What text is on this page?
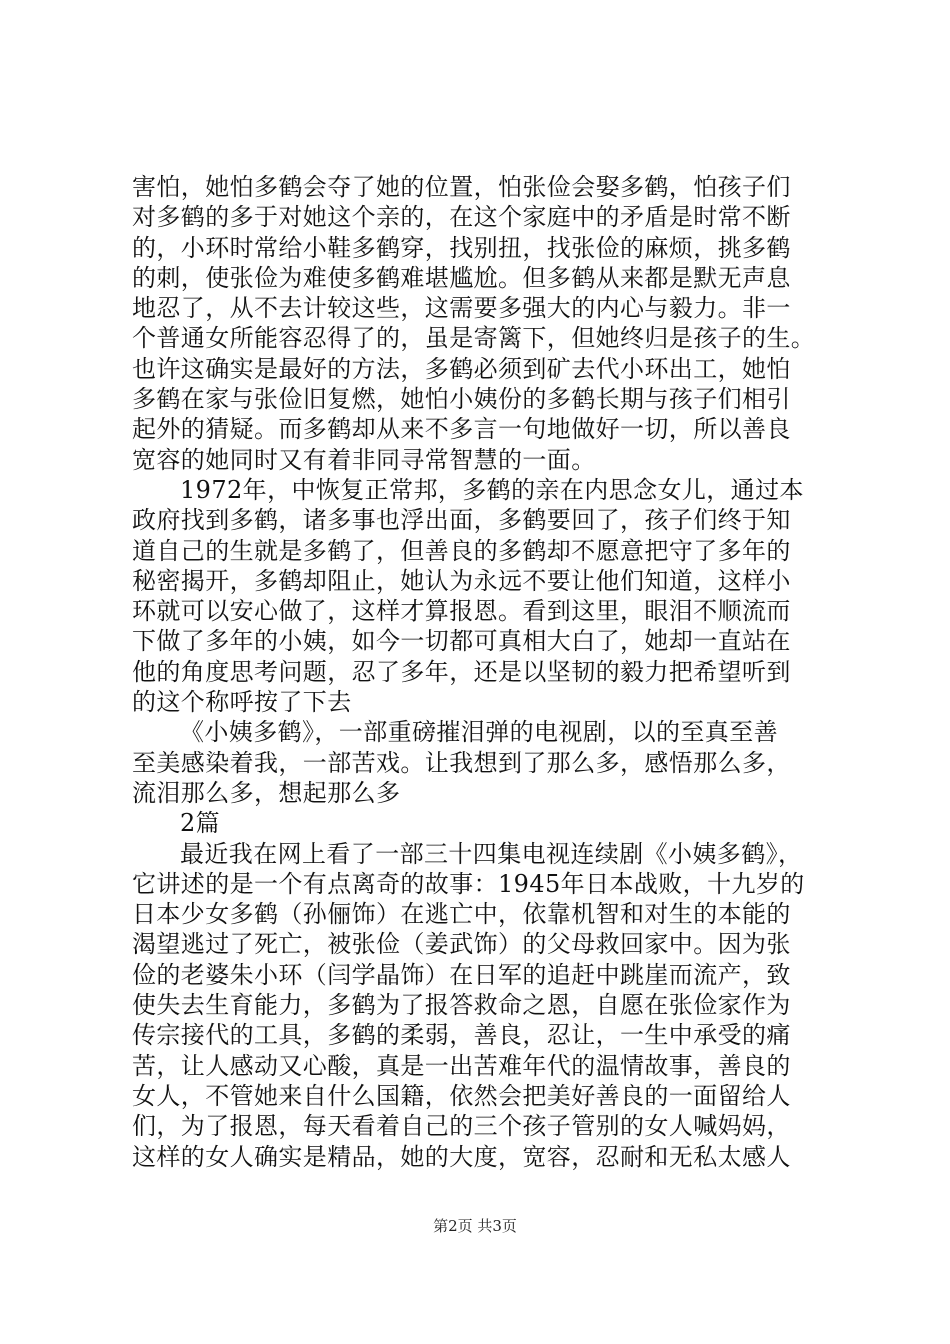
害怕，她怕多鹤会夺了她的位置，怕张俭会娶多鹤，怕孩子们
对多鹤的多于对她这个亲的，在这个家庭中的矛盾是时常不断
的，小环时常给小鞋多鹤穿，找别扭，找张俭的麻烦，挑多鹤
的刺，使张俭为难使多鹤难堪尴尬。但多鹤从来都是默无声息
地忍了，从不去计较这些，这需要多强大的内心与毅力。非一
个普通女所能容忍得了的，虽是寄篱下，但她终归是孩子的生。
也许这确实是最好的方法，多鹤必须到矿去代小环出工，她怕
多鹤在家与张俭旧复燃，她怕小姨份的多鹤长期与孩子们相引
起外的猜疑。而多鹤却从来不多言一句地做好一切，所以善良
宽容的她同时又有着非同寻常智慧的一面。
1972年，中恢复正常邦，多鹤的亲在内思念女儿，通过本
政府找到多鹤，诸多事也浮出面，多鹤要回了，孩子们终于知
道自己的生就是多鹤了，但善良的多鹤却不愿意把守了多年的
秘密揭开，多鹤却阻止，她认为永远不要让他们知道，这样小
环就可以安心做了，这样才算报恩。看到这里，眼泪不顺流而
下做了多年的小姨，如今一切都可真相大白了，她却一直站在
他的角度思考问题，忍了多年，还是以坚韧的毅力把希望听到
的这个称呼按了下去
《小姨多鹤》，一部重磅摧泪弹的电视剧，以的至真至善
至美感染着我，一部苦戏。让我想到了那么多，感悟那么多，
流泪那么多，想起那么多
2篇
最近我在网上看了一部三十四集电视连续剧《小姨多鹤》，
它讲述的是一个有点离奇的故事：1945年日本战败，十九岁的
日本少女多鹤（孙俪饰）在逃亡中，依靠机智和对生的本能的
渴望逃过了死亡，被张俭（姜武饰）的父母救回家中。因为张
俭的老婆朱小环（闫学晶饰）在日军的追赶中跳崖而流产，致
使失去生育能力，多鹤为了报答救命之恩，自愿在张俭家作为
传宗接代的工具，多鹤的柔弱，善良，忍让，一生中承受的痛
苦，让人感动又心酸，真是一出苦难年代的温情故事，善良的
女人，不管她来自什么国籍，依然会把美好善良的一面留给人
们，为了报恩，每天看着自己的三个孩子管别的女人喊妈妈，
这样的女人确实是精品，她的大度，宽容，忍耐和无私太感人
第2页 共3页
